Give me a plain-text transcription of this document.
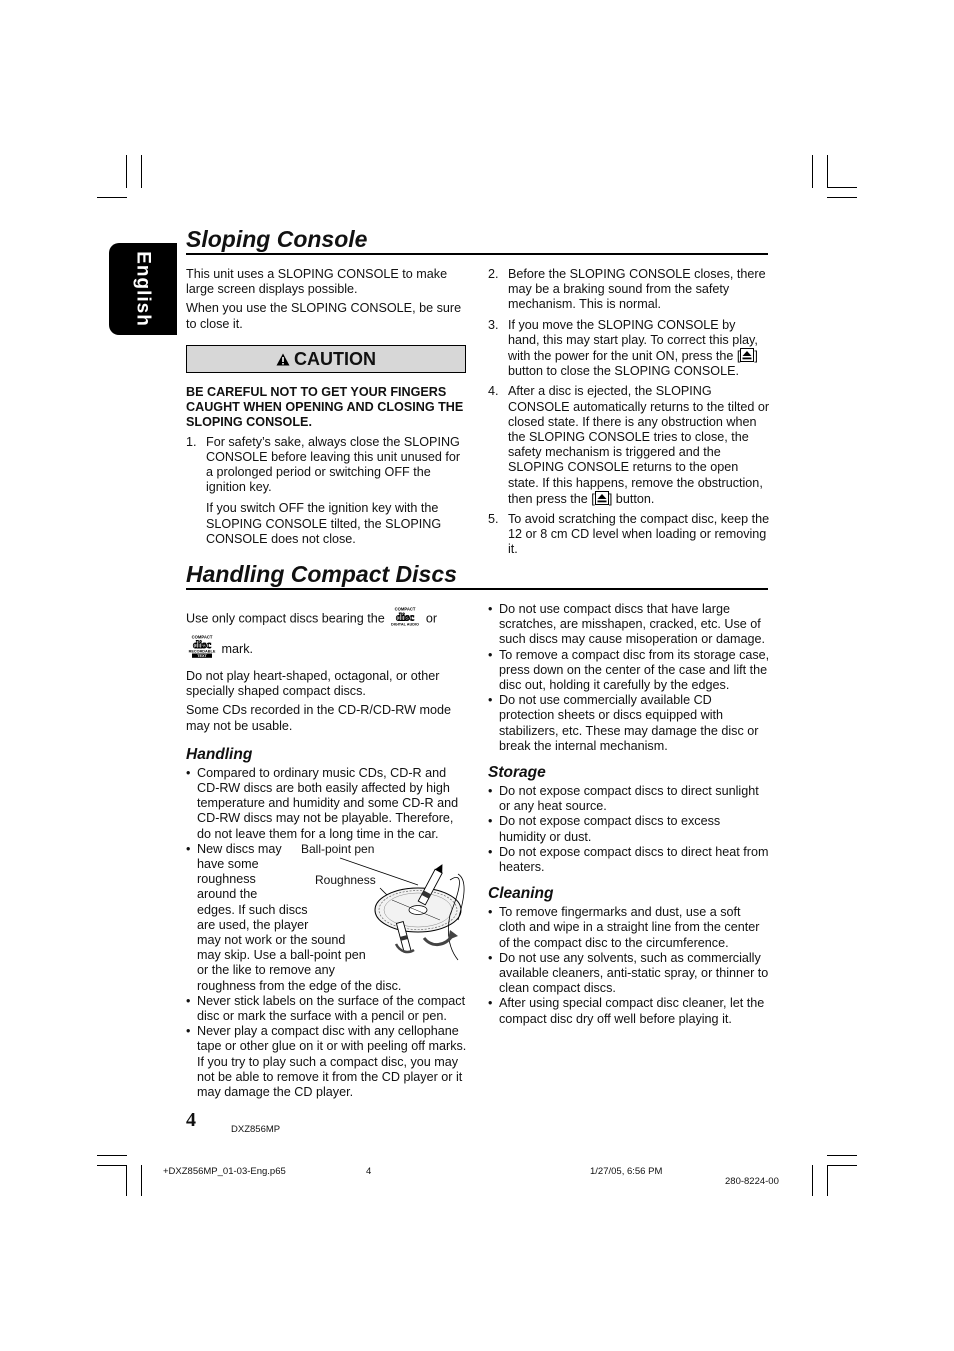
English
Sloping Console

This unit uses a SLOPING CONSOLE to make large screen displays possible.

When you use the SLOPING CONSOLE, be sure to close it.

CAUTION

BE CAREFUL NOT TO GET YOUR FINGERS CAUGHT WHEN OPENING AND CLOSING THE SLOPING CONSOLE.

1. For safety’s sake, always close the SLOPING CONSOLE before leaving this unit unused for a prolonged period or switching OFF the ignition key.

If you switch OFF the ignition key with the SLOPING CONSOLE tilted, the SLOPING CONSOLE does not close.

2. Before the SLOPING CONSOLE closes, there may be a braking sound from the safety mechanism. This is normal.
3. If you move the SLOPING CONSOLE by hand, this may start play. To correct this play, with the power for the unit ON, press the [ ] button to close the SLOPING CONSOLE.
4. After a disc is ejected, the SLOPING CONSOLE automatically returns to the tilted or closed state. If there is any obstruction when the SLOPING CONSOLE tries to close, the safety mechanism is triggered and the SLOPING CONSOLE returns to the open state. If this happens, remove the obstruction, then press the [ ] button.
5. To avoid scratching the compact disc, keep the 12 or 8 cm CD level when loading or removing it.
Handling Compact Discs

Use only compact discs bearing the
COMPACT
disc
DIGITAL AUDIO or

COMPACT
disc
RECORDABLE
TEXT
mark.

Do not play heart-shaped, octagonal, or other specially shaped compact discs.

Some CDs recorded in the CD-R/CD-RW mode may not be usable.

Handling
• Compared to ordinary music CDs, CD-R and CD-RW discs are both easily affected by high temperature and humidity and some CD-R and CD-RW discs may not be playable. Therefore, do not leave them for a long time in the car.
• New discs may
have some
roughness
around the
edges. If such discs
are used, the player
may not work or the sound
may skip. Use a ball-point pen
or the like to remove any
roughness from the edge of the disc.
• Never stick labels on the surface of the compact disc or mark the surface with a pencil or pen.
• Never play a compact disc with any cellophane tape or other glue on it or with peeling off marks. If you try to play such a compact disc, you may not be able to remove it from the CD player or it may damage the CD player.
Ball-point pen
Roughness
• Do not use compact discs that have large scratches, are misshapen, cracked, etc. Use of such discs may cause misoperation or damage.
• To remove a compact disc from its storage case, press down on the center of the case and lift the disc out, holding it carefully by the edges.
• Do not use commercially available CD protection sheets or discs equipped with stabilizers, etc. These may damage the disc or break the internal mechanism.
Storage
• Do not expose compact discs to direct sunlight or any heat source.
• Do not expose compact discs to excess humidity or dust.
• Do not expose compact discs to direct heat from heaters.
Cleaning
• To remove fingermarks and dust, use a soft cloth and wipe in a straight line from the center of the compact disc to the circumference.
• Do not use any solvents, such as commercially available cleaners, anti-static spray, or thinner to clean compact discs.
• After using special compact disc cleaner, let the compact disc dry off well before playing it.
4	DXZ856MP
+DXZ856MP_01-03-Eng.p65	4	1/27/05, 6:56 PM
280-8224-00
